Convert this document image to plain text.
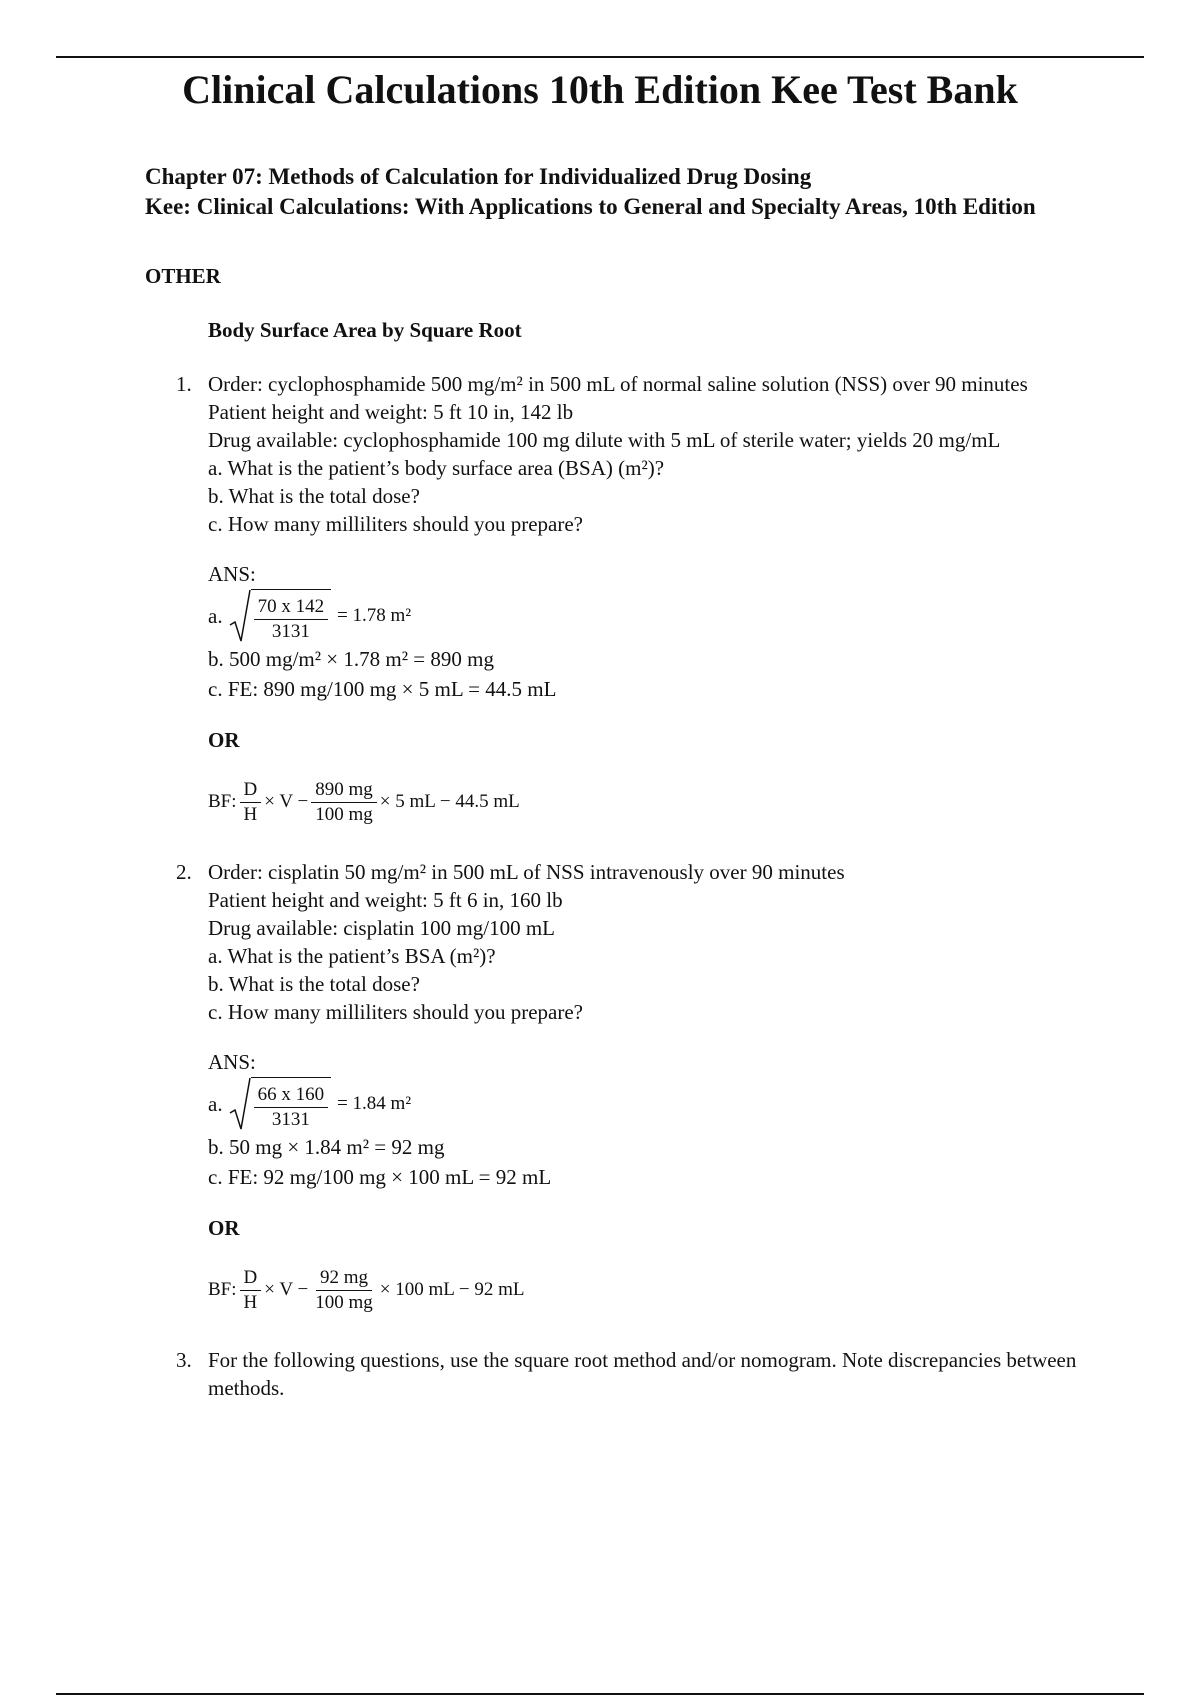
Clinical Calculations 10th Edition Kee Test Bank
Chapter 07: Methods of Calculation for Individualized Drug Dosing
Kee: Clinical Calculations: With Applications to General and Specialty Areas, 10th Edition
OTHER
Body Surface Area by Square Root
1. Order: cyclophosphamide 500 mg/m² in 500 mL of normal saline solution (NSS) over 90 minutes
Patient height and weight: 5 ft 10 in, 142 lb
Drug available: cyclophosphamide 100 mg dilute with 5 mL of sterile water; yields 20 mg/mL
a. What is the patient’s body surface area (BSA) (m²)?
b. What is the total dose?
c. How many milliliters should you prepare?
ANS:
a. $\frac{70 x 142}{3131} = 1.78$ m²
b. 500 mg/m² × 1.78 m² = 890 mg
c. FE: 890 mg/100 mg × 5 mL = 44.5 mL
OR
BF: $\frac{D}{H} \times V - \frac{890 mg}{100 mg} \times 5$ mL − 44.5 mL
2. Order: cisplatin 50 mg/m² in 500 mL of NSS intravenously over 90 minutes
Patient height and weight: 5 ft 6 in, 160 lb
Drug available: cisplatin 100 mg/100 mL
a. What is the patient’s BSA (m²)?
b. What is the total dose?
c. How many milliliters should you prepare?
ANS:
a. $\frac{66 x 160}{3131} = 1.84$ m²
b. 50 mg × 1.84 m² = 92 mg
c. FE: 92 mg/100 mg × 100 mL = 92 mL
OR
BF: $\frac{D}{H} \times V - \frac{92 mg}{100 mg} \times 100$ mL − 92 mL
3. For the following questions, use the square root method and/or nomogram. Note discrepancies between methods.
